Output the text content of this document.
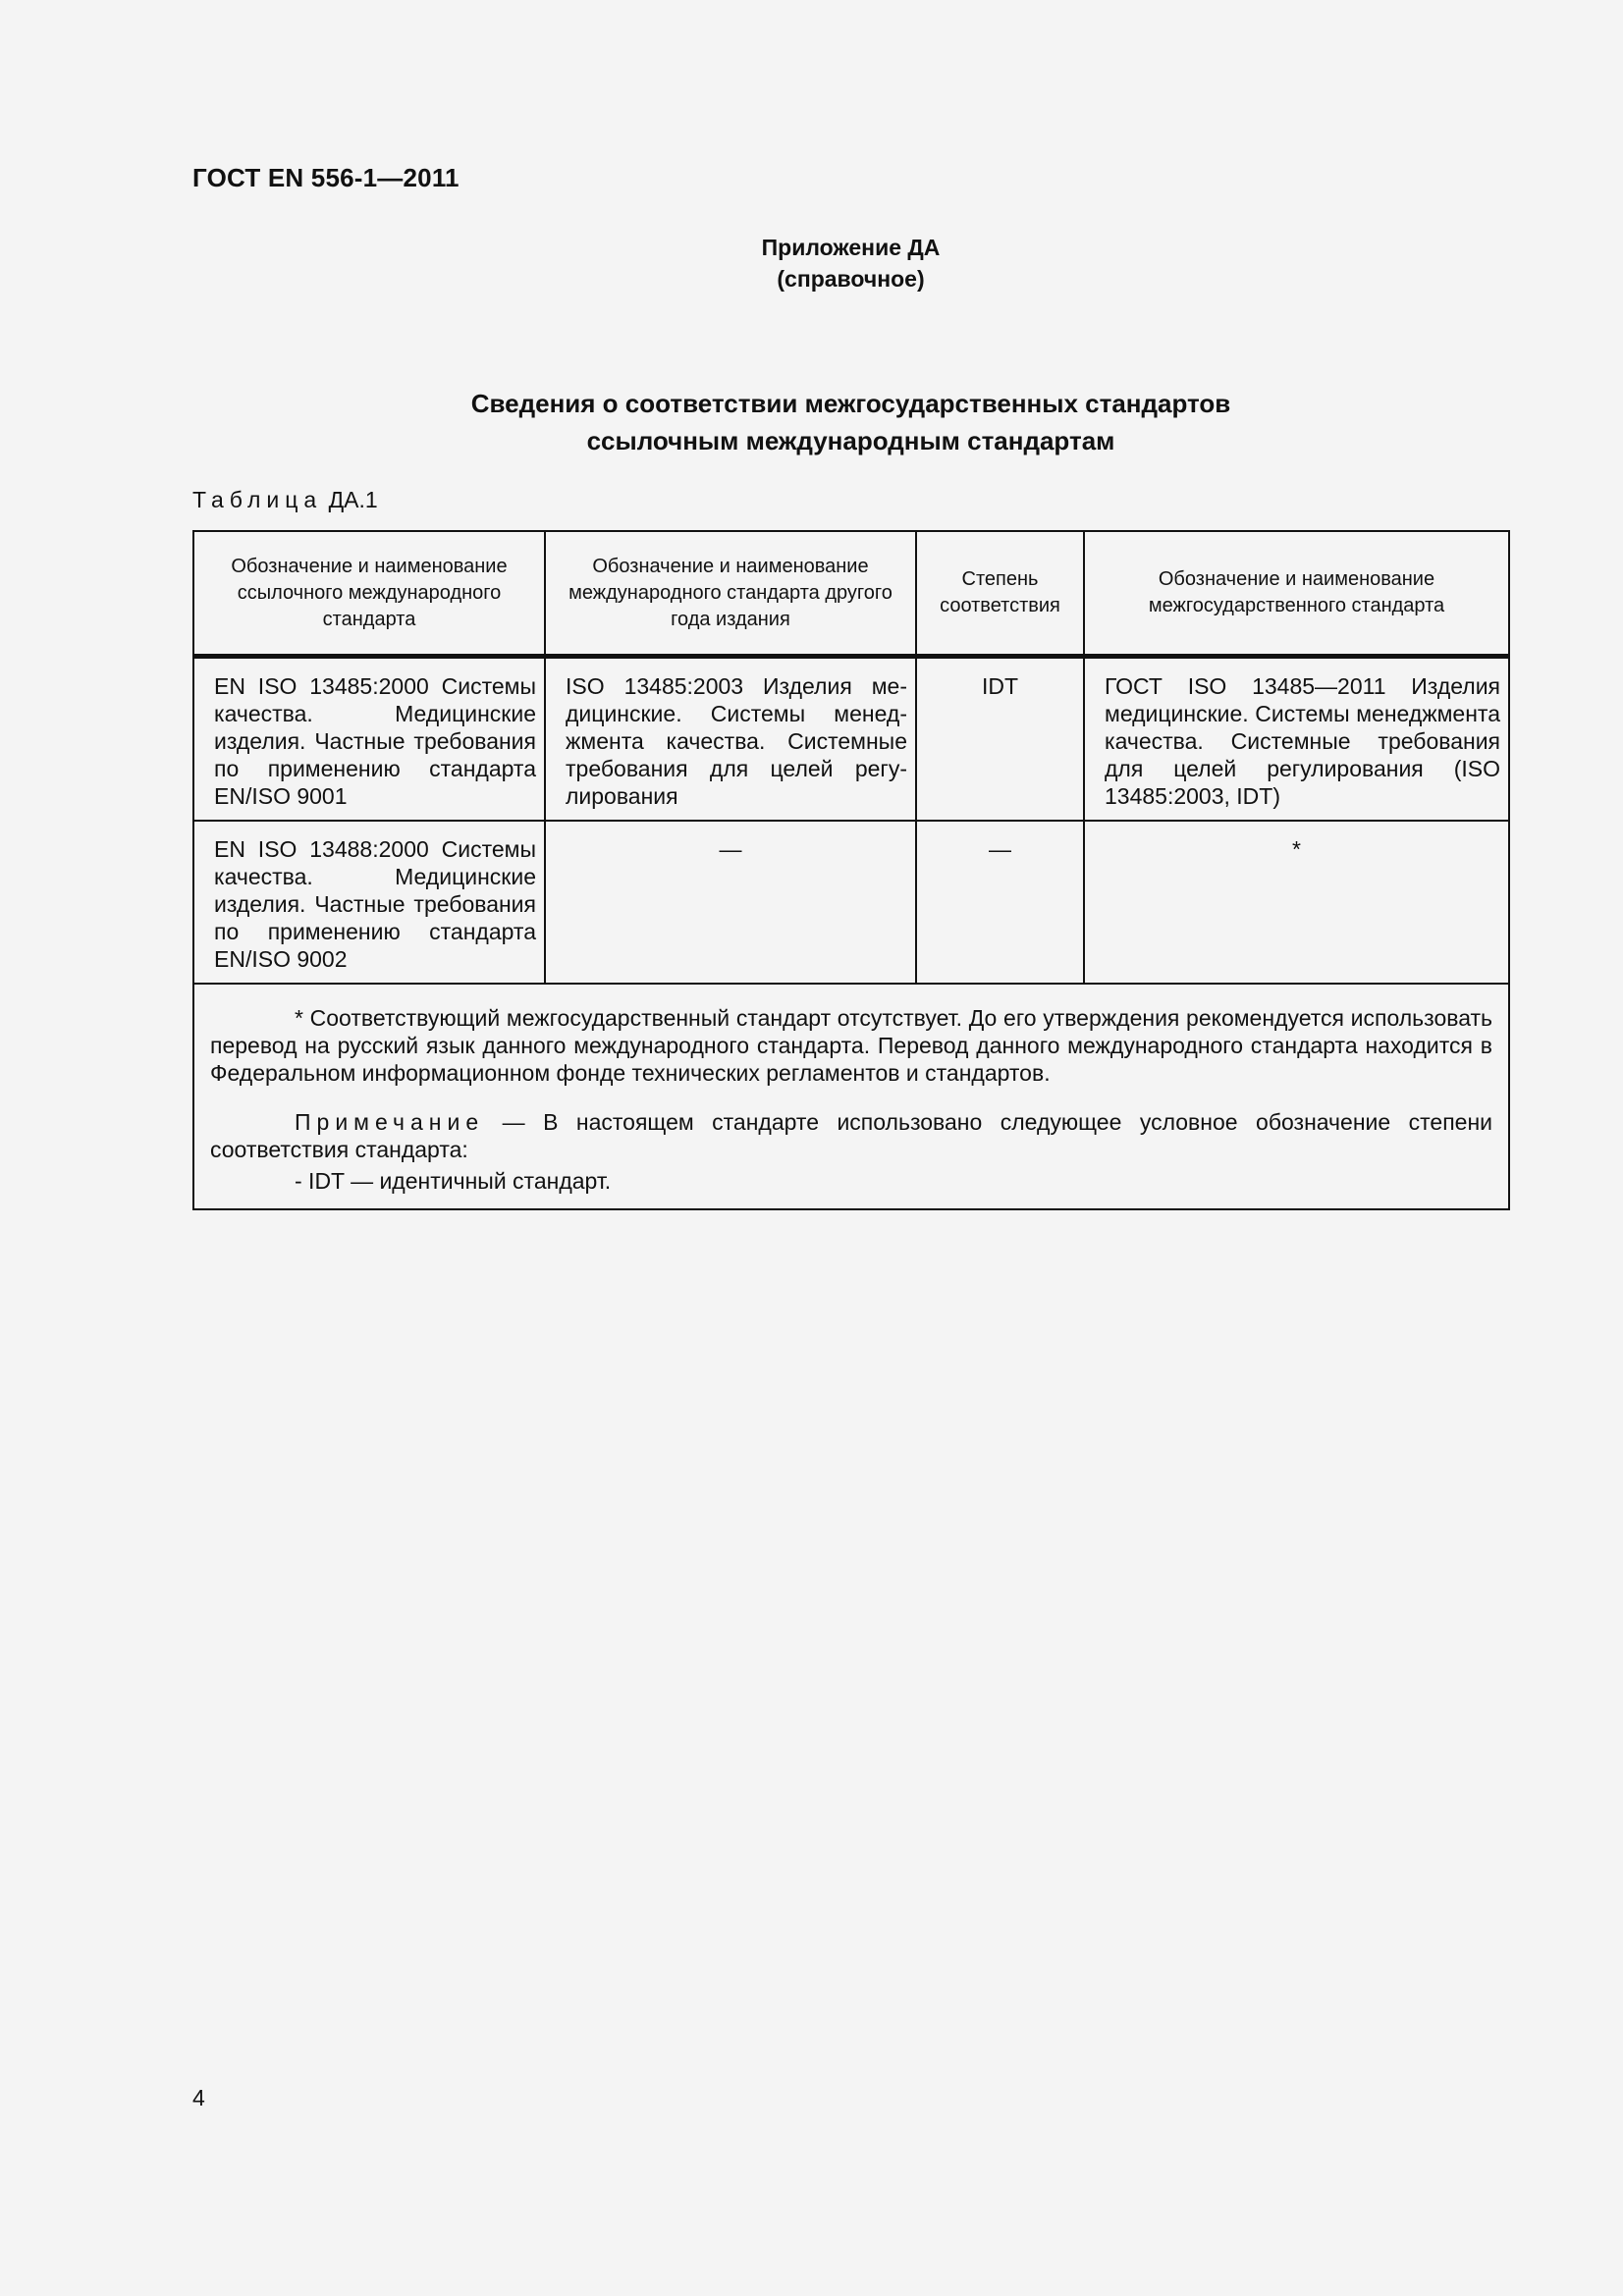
ГОСТ EN 556-1—2011
Приложение ДА
(справочное)
Сведения о соответствии межгосударственных стандартов
ссылочным международным стандартам
Таблица ДА.1
Обозначение и наименование ссылочного международного стандарта	Обозначение и наименование международного стандарта другого года издания	Степень соответствия	Обозначение и наименование межгосударственного стандарта
EN ISO 13485:2000 Системы качества. Медицинские изделия. Частные требования по применению стандарта EN/ISO 9001	ISO 13485:2003 Изделия медицинские. Системы менеджмента качества. Системные требования для целей регулирования	IDT	ГОСТ ISO 13485—2011 Изделия медицинские. Системы менеджмента качества. Системные требования для целей регулирования (ISO 13485:2003, IDT)
EN ISO 13488:2000 Системы качества. Медицинские изделия. Частные требования по применению стандарта EN/ISO 9002	—	—	*

* Соответствующий межгосударственный стандарт отсутствует. До его утверждения рекомендуется использовать перевод на русский язык данного международного стандарта. Перевод данного международного стандарта находится в Федеральном информационном фонде технических регламентов и стандартов.

Примечание — В настоящем стандарте использовано следующее условное обозначение степени соответствия стандарта:

- IDT — идентичный стандарт.			

4
